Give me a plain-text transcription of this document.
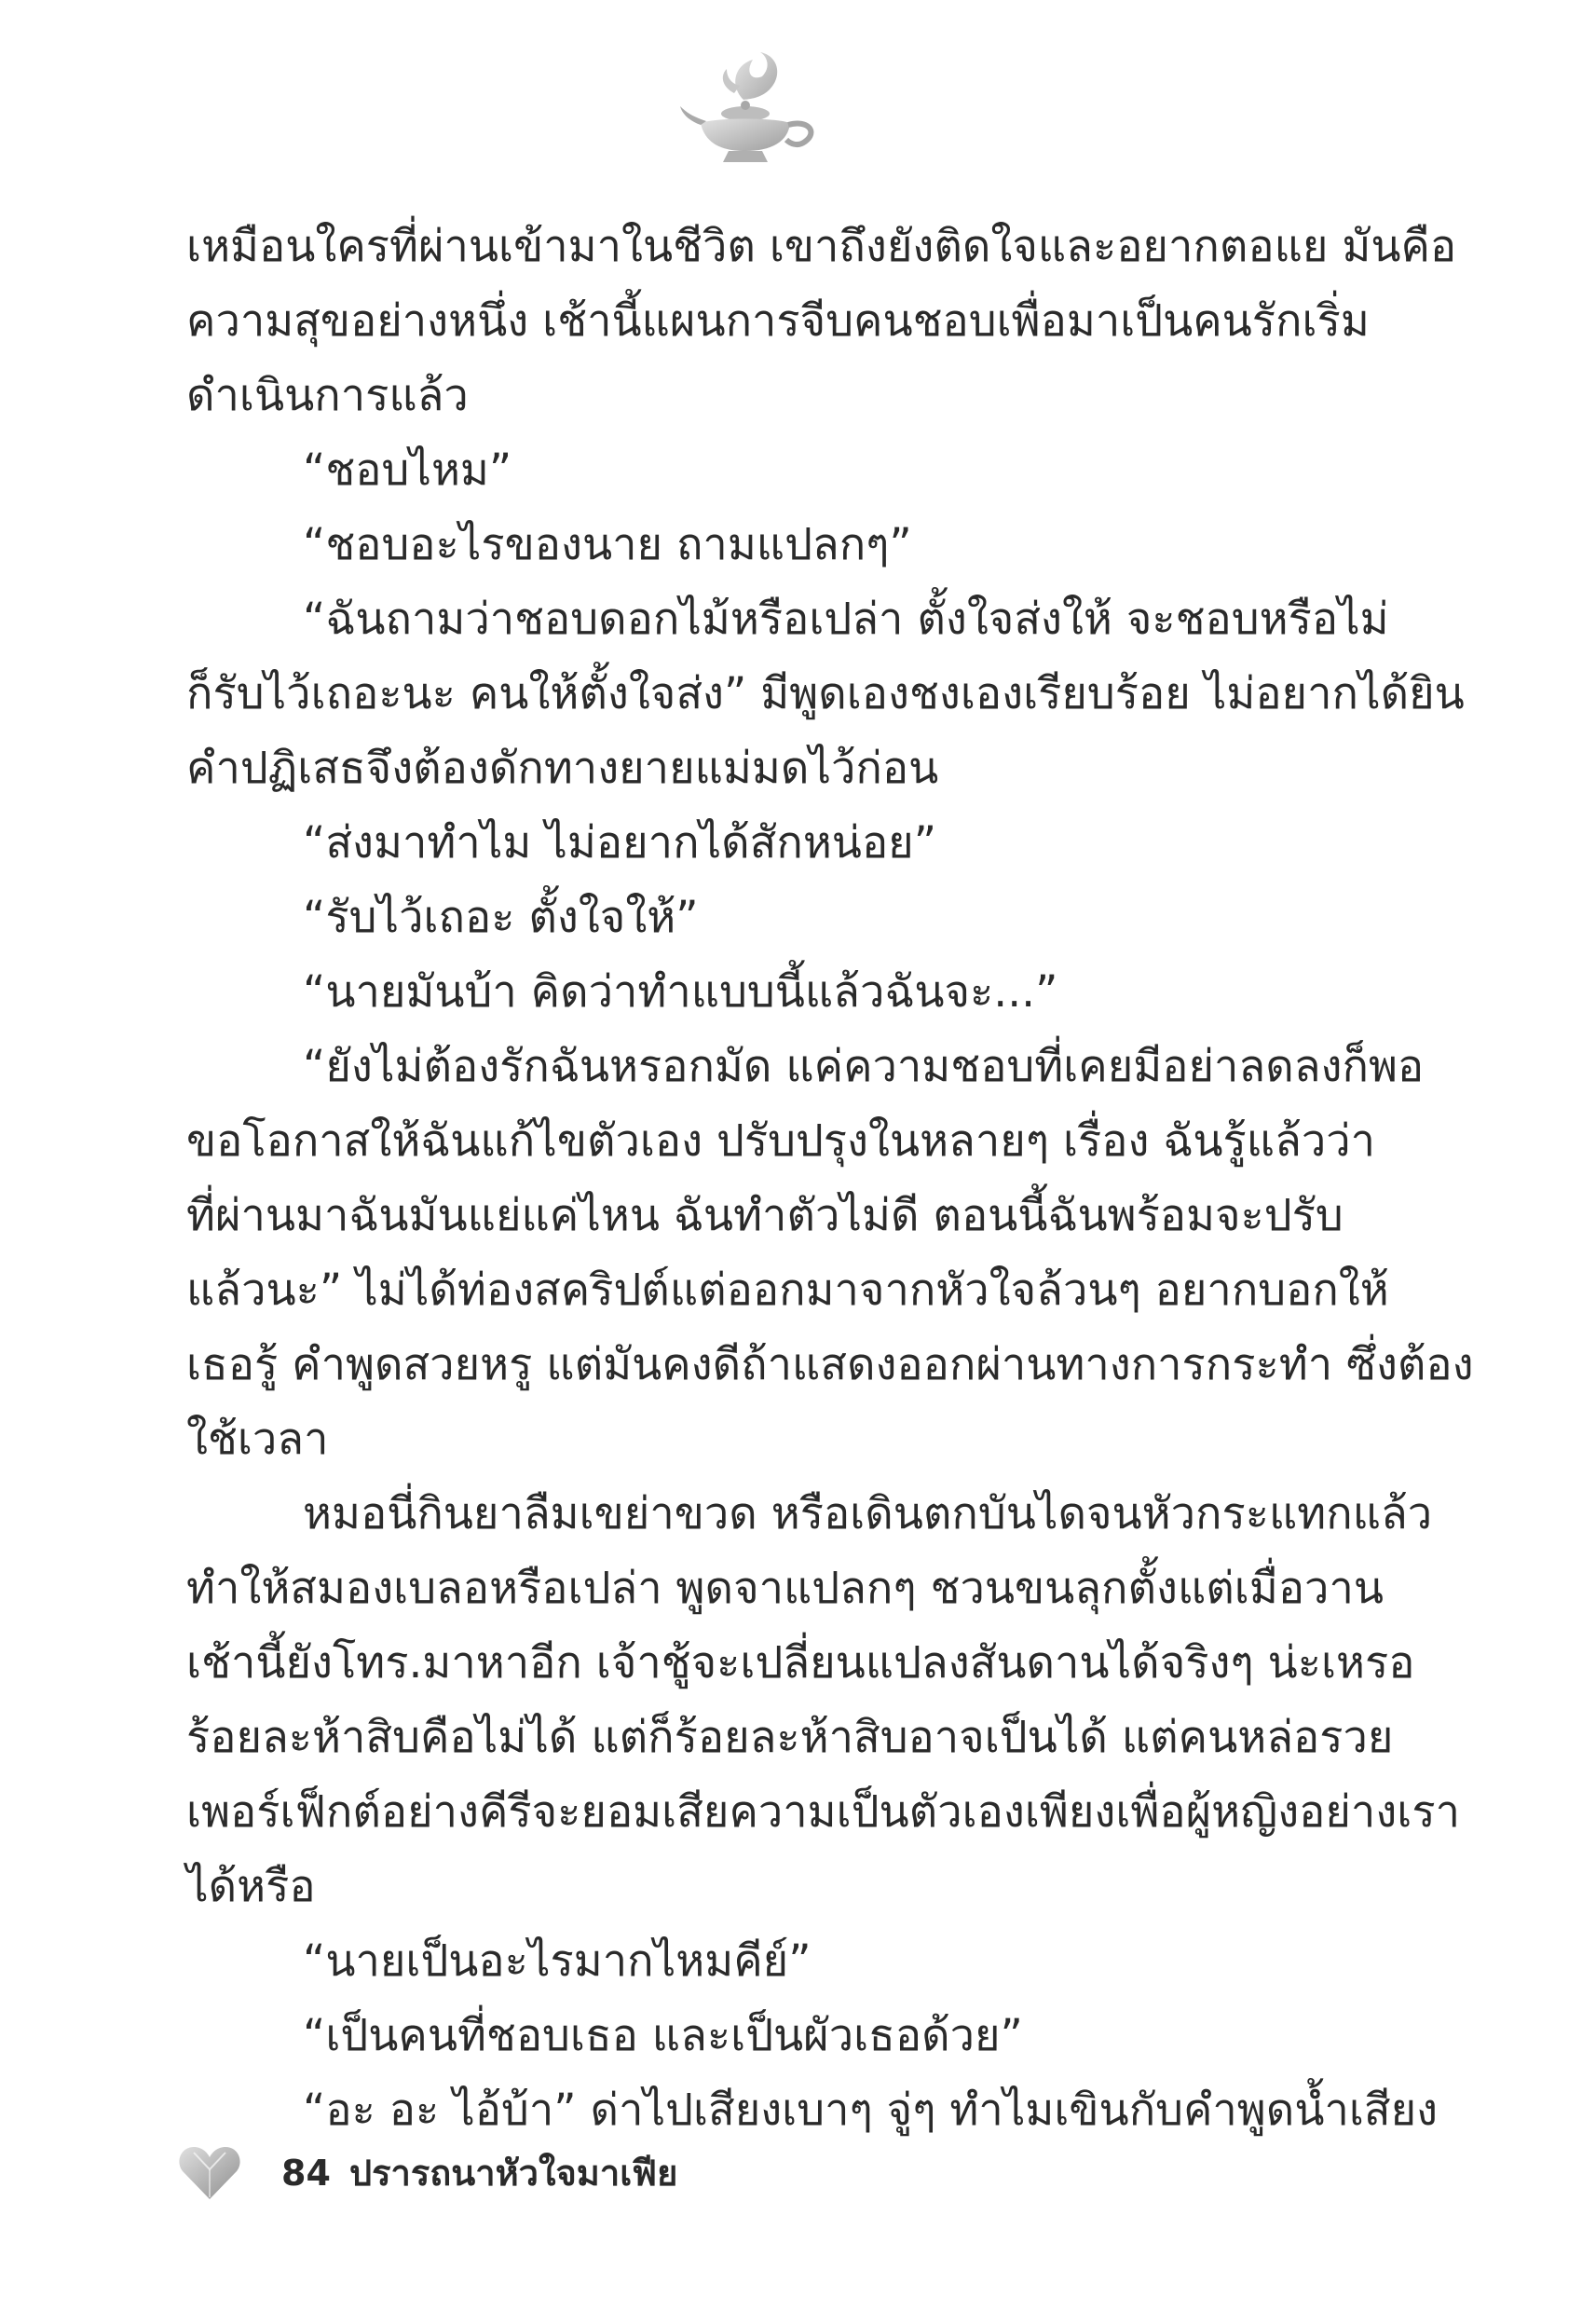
เหมือนใครที่ผ่านเข้ามาในชีวิต เขาถึงยังติดใจและอยากตอแย มันคือ
ความสุขอย่างหนึ่ง เช้านี้แผนการจีบคนชอบเพื่อมาเป็นคนรักเริ่ม
ดำเนินการแล้ว
“ชอบไหม”
“ชอบอะไรของนาย ถามแปลกๆ”
“ฉันถามว่าชอบดอกไม้หรือเปล่า ตั้งใจส่งให้ จะชอบหรือไม่
ก็รับไว้เถอะนะ คนให้ตั้งใจส่ง” มีพูดเองชงเองเรียบร้อย ไม่อยากได้ยิน
คำปฏิเสธจึงต้องดักทางยายแม่มดไว้ก่อน
“ส่งมาทำไม ไม่อยากได้สักหน่อย”
“รับไว้เถอะ ตั้งใจให้”
“นายมันบ้า คิดว่าทำแบบนี้แล้วฉันจะ...”
“ยังไม่ต้องรักฉันหรอกมัด แค่ความชอบที่เคยมีอย่าลดลงก็พอ
ขอโอกาสให้ฉันแก้ไขตัวเอง ปรับปรุงในหลายๆ เรื่อง ฉันรู้แล้วว่า
ที่ผ่านมาฉันมันแย่แค่ไหน ฉันทำตัวไม่ดี ตอนนี้ฉันพร้อมจะปรับ
แล้วนะ” ไม่ได้ท่องสคริปต์แต่ออกมาจากหัวใจล้วนๆ อยากบอกให้
เธอรู้ คำพูดสวยหรู แต่มันคงดีถ้าแสดงออกผ่านทางการกระทำ ซึ่งต้อง
ใช้เวลา
หมอนี่กินยาลืมเขย่าขวด หรือเดินตกบันไดจนหัวกระแทกแล้ว
ทำให้สมองเบลอหรือเปล่า พูดจาแปลกๆ ชวนขนลุกตั้งแต่เมื่อวาน
เช้านี้ยังโทร.มาหาอีก เจ้าชู้จะเปลี่ยนแปลงสันดานได้จริงๆ น่ะเหรอ
ร้อยละห้าสิบคือไม่ได้ แต่ก็ร้อยละห้าสิบอาจเป็นได้ แต่คนหล่อรวย
เพอร์เฟ็กต์อย่างคีรีจะยอมเสียความเป็นตัวเองเพียงเพื่อผู้หญิงอย่างเรา
ได้หรือ
“นายเป็นอะไรมากไหมคีย์”
“เป็นคนที่ชอบเธอ และเป็นผัวเธอด้วย”
“อะ อะ ไอ้บ้า” ด่าไปเสียงเบาๆ จู่ๆ ทำไมเขินกับคำพูดน้ำเสียง
84 ปรารถนาหัวใจมาเฟีย
